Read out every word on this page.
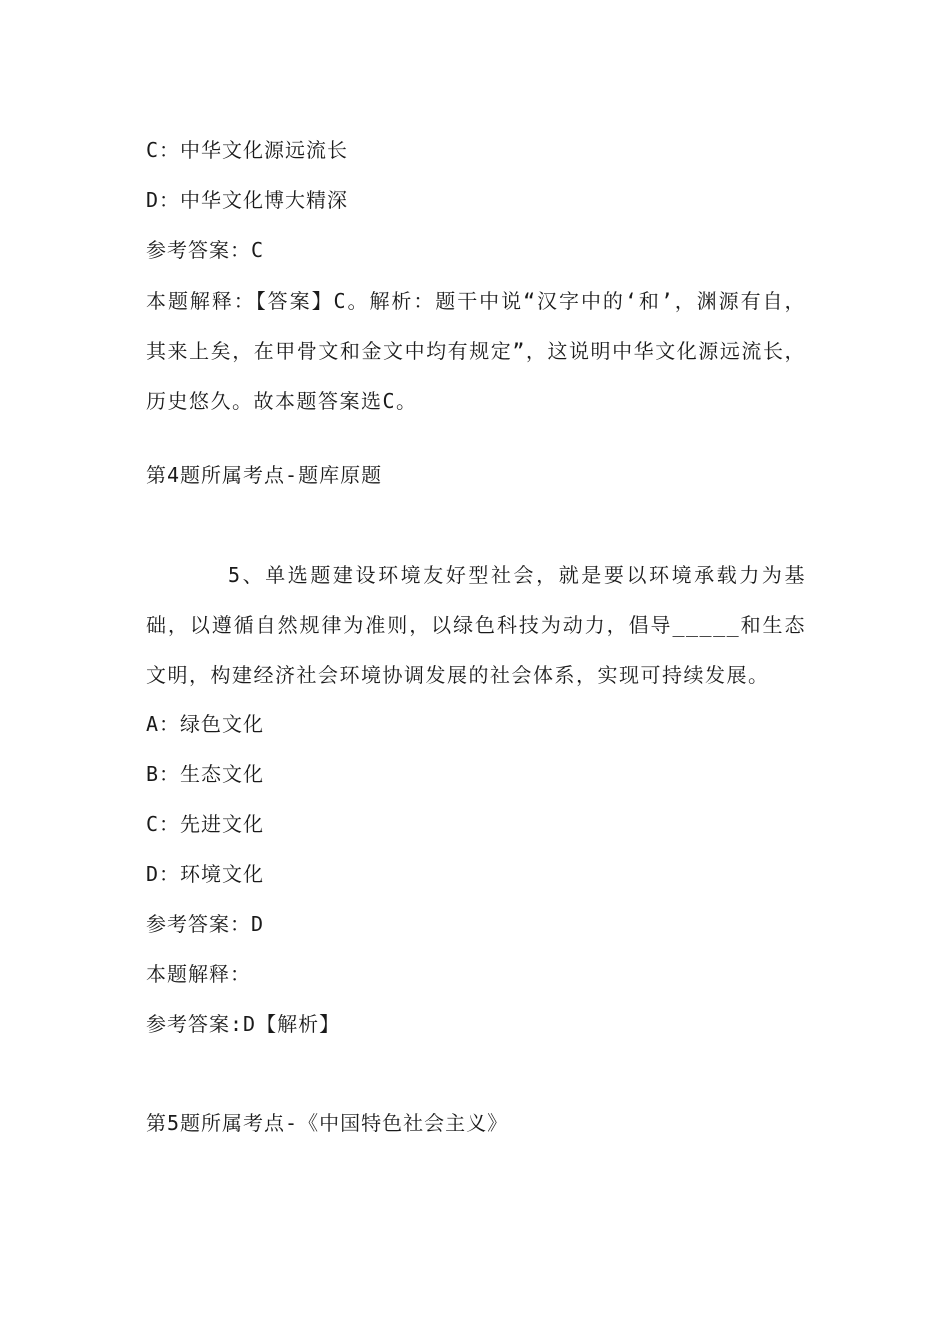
C：中华文化源远流长

D：中华文化博大精深

参考答案：C

本题解释：【答案】C。解析：题干中说“汉字中的‘和’，渊源有自，其来上矣，在甲骨文和金文中均有规定”，这说明中华文化源远流长，历史悠久。故本题答案选C。

第4题所属考点-题库原题

5、单选题建设环境友好型社会，就是要以环境承载力为基础，以遵循自然规律为准则，以绿色科技为动力，倡导_____和生态文明，构建经济社会环境协调发展的社会体系，实现可持续发展。

A：绿色文化

B：生态文化

C：先进文化

D：环境文化

参考答案：D

本题解释：

参考答案:D【解析】

第5题所属考点-《中国特色社会主义》
